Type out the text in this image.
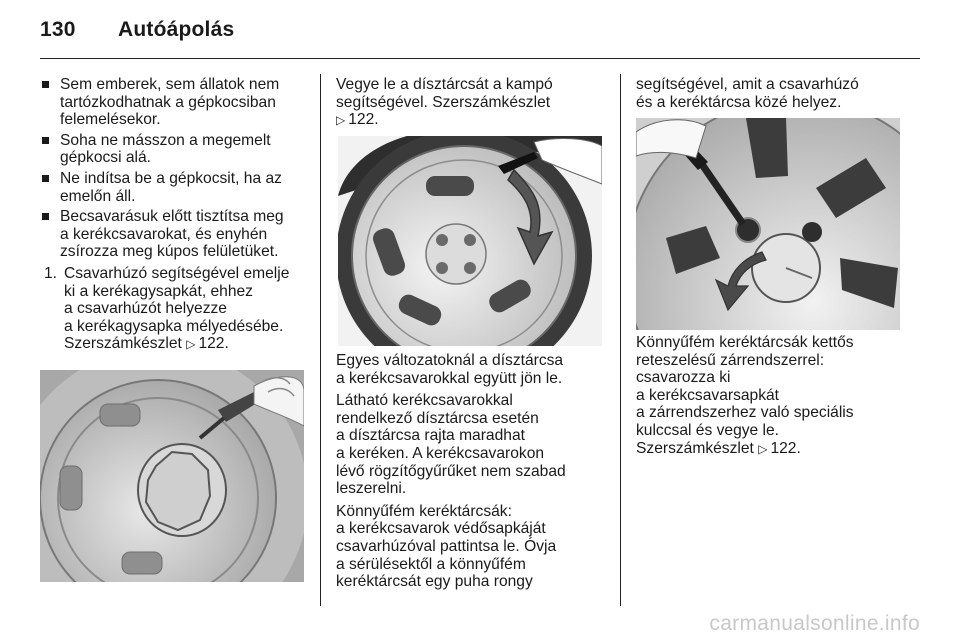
130 Autóápolás
Sem emberek, sem állatok nem
tartózkodhatnak a gépkocsiban
felemelésekor.
Soha ne másszon a megemelt
gépkocsi alá.
Ne indítsa be a gépkocsit, ha az
emelőn áll.
Becsavarásuk előtt tisztítsa meg
a kerékcsavarokat, és enyhén
zsírozza meg kúpos felületüket.
1. Csavarhúzó segítségével emelje
ki a kerékagysapkát, ehhez
a csavarhúzót helyezze
a kerékagysapka mélyedésébe.
Szerszámkészlet ▷ 122.
Vegye le a dísztárcsát a kampó
segítségével. Szerszámkészlet
▷ 122.
Egyes változatoknál a dísztárcsa
a kerékcsavarokkal együtt jön le.
Látható kerékcsavarokkal
rendelkező dísztárcsa esetén
a dísztárcsa rajta maradhat
a keréken. A kerékcsavarokon
lévő rögzítőgyűrűket nem szabad
leszerelni.
Könnyűfém keréktárcsák:
a kerékcsavarok védősapkáját
csavarhúzóval pattintsa le. Óvja
a sérülésektől a könnyűfém
keréktárcsát egy puha rongy
segítségével, amit a csavarhúzó
és a keréktárcsa közé helyez.
Könnyűfém keréktárcsák kettős
reteszelésű zárrendszerrel:
csavarozza ki
a kerékcsavarsapkát
a zárrendszerhez való speciális
kulccsal és vegye le.
Szerszámkészlet ▷ 122.
carmanualsonline.info
